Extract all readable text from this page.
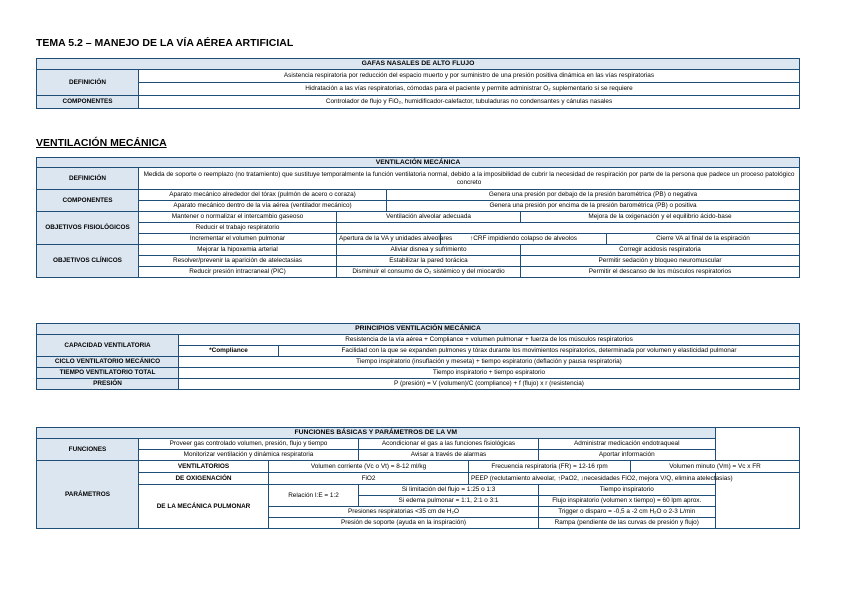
TEMA 5.2 – MANEJO DE LA VÍA AÉREA ARTIFICIAL
GAFAS NASALES DE ALTO FLUJO	
DEFINICIÓN	Asistencia respiratoria por reducción del espacio muerto y por suministro de una presión positiva dinámica en las vías respiratorias
	Hidratación a las vías respiratorias, cómodas para el paciente y permite administrar O₂ suplementario si se requiere
COMPONENTES	Controlador de flujo y FiO₂, humidificador-calefactor, tubuladuras no condensantes y cánulas nasales
VENTILACIÓN MECÁNICA
VENTILACIÓN MECÁNICA						
DEFINICIÓN	Medida de soporte o reemplazo (no tratamiento) que sustituye temporalmente la función ventilatoria normal, debido a la imposibilidad de cubrir la necesidad de respiración por parte de la persona que padece un proceso patológico concreto					
COMPONENTES	Aparato mecánico alrededor del tórax (pulmón de acero o coraza)		Genera una presión por debajo de la presión barométrica (PB) o negativa			
	Aparato mecánico dentro de la vía aérea (ventilador mecánico)		Genera una presión por encima de la presión barométrica (PB) o positiva			
OBJETIVOS FISIOLÓGICOS	Mantener o normalizar el intercambio gaseoso	Ventilación alveolar adecuada			Mejora de la oxigenación y el equilibrio ácido-base	
	Reducir el trabajo respiratorio					
	Incrementar el volumen pulmonar	Apertura de la VA y unidades alveolares		↑CRF impidiendo colapso de alveolos		Cierre VA al final de la espiración
OBJETIVOS CLÍNICOS	Mejorar la hipoxemia arterial	Aliviar disnea y sufrimiento			Corregir acidosis respiratoria	
	Resolver/prevenir la aparición de atelectasias	Estabilizar la pared torácica			Permitir sedación y bloqueo neuromuscular	
	Reducir presión intracraneal (PIC)	Disminuir el consumo de O₂ sistémico y del miocardio			Permitir el descanso de los músculos respiratorios	
PRINCIPIOS VENTILACIÓN MECÁNICA		
CAPACIDAD VENTILATORIA	Resistencia de la vía aérea + Compliance + volumen pulmonar + fuerza de los músculos respiratorios	
	*Compliance	Facilidad con la que se expanden pulmones y tórax durante los movimientos respiratorios, determinada por volumen y elasticidad pulmonar
CICLO VENTILATORIO MECÁNICO	Tiempo inspiratorio (insuflación y meseta) + tiempo espiratorio (deflación y pausa respiratoria)	
TIEMPO VENTILATORIO TOTAL	Tiempo inspiratorio + tiempo espiratorio	
PRESIÓN	P (presión) = V (volumen)/C (compliance) + f (flujo) x r (resistencia)	
FUNCIONES BÁSICAS Y PARÁMETROS DE LA VM						
FUNCIONES	Proveer gas controlado volumen, presión, flujo y tiempo		Acondicionar el gas a las funciones fisiológicas		Administrar medicación endotraqueal	
	Monitorizar ventilación y dinámica respiratoria		Avisar a través de alarmas		Aportar información	
PARÁMETROS	VENTILATORIOS	Volumen corriente (Vc o Vt) = 8-12 ml/kg		Frecuencia respiratoria (FR) = 12-16 rpm		Volumen minuto (Vm) = Vc x FR
	DE OXIGENACIÓN	FiO2		PEEP (reclutamiento alveolar, ↑PaO2, ↓necesidades FiO2, mejora V/Q, elimina atelectasias)		
	DE LA MECÁNICA PULMONAR	Relación I:E = 1:2	Si limitación del flujo = 1:25 o 1:3		Tiempo inspiratorio	
			Si edema pulmonar = 1:1, 2:1 o 3:1		Flujo inspiratorio (volumen x tiempo) = 60 lpm aprox.	
		Presiones respiratorias <35 cm de H₂O			Trigger o disparo = -0,5 a -2 cm H₂O o 2-3 L/min	
		Presión de soporte (ayuda en la inspiración)			Rampa (pendiente de las curvas de presión y flujo)	
